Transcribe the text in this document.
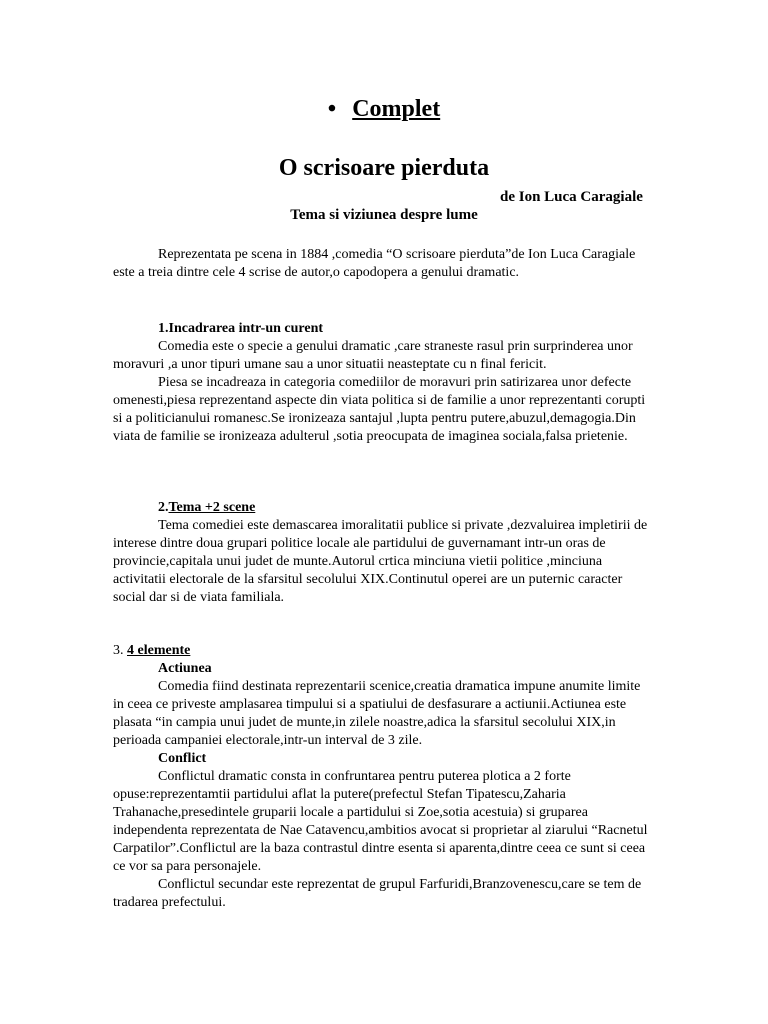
• Complet
O scrisoare pierduta
de Ion Luca Caragiale
Tema si viziunea despre lume

Reprezentata pe scena in 1884 ,comedia “O scrisoare pierduta”de Ion Luca Caragiale este a treia dintre cele 4 scrise de autor,o capodopera a genului dramatic.

1.Incadrarea intr-un curent

Comedia este o specie a genului dramatic ,care straneste rasul prin surprinderea unor moravuri ,a unor tipuri umane sau a unor situatii neasteptate cu n final fericit.

Piesa se incadreaza in categoria comediilor de moravuri prin satirizarea unor defecte omenesti,piesa reprezentand aspecte din viata politica si de familie a unor reprezentanti corupti si a politicianului romanesc.Se ironizeaza santajul ,lupta pentru putere,abuzul,demagogia.Din viata de familie se ironizeaza adulterul ,sotia preocupata de imaginea sociala,falsa prietenie.

2.Tema +2 scene

Tema comediei este demascarea imoralitatii publice si private ,dezvaluirea impletirii de interese dintre doua grupari politice locale ale partidului de guvernamant intr-un oras de provincie,capitala unui judet de munte.Autorul crtica minciuna vietii politice ,minciuna activitatii electorale de la sfarsitul secolului XIX.Continutul operei are un puternic caracter social dar si de viata familiala.

3. 4 elemente

Actiunea

Comedia fiind destinata reprezentarii scenice,creatia dramatica impune anumite limite in ceea ce priveste amplasarea timpului si a spatiului de desfasurare a actiunii.Actiunea este plasata “in campia unui judet de munte,in zilele noastre,adica la sfarsitul secolului XIX,in perioada campaniei electorale,intr-un interval de 3 zile.

Conflict

Conflictul dramatic consta in confruntarea pentru puterea plotica a 2 forte opuse:reprezentamtii partidului aflat la putere(prefectul Stefan Tipatescu,Zaharia Trahanache,presedintele gruparii locale a partidului si Zoe,sotia acestuia) si gruparea independenta reprezentata de Nae Catavencu,ambitios avocat si proprietar al ziarului “Racnetul Carpatilor”.Conflictul are la baza contrastul dintre esenta si aparenta,dintre ceea ce sunt si ceea ce vor sa para personajele.

Conflictul secundar este reprezentat de grupul Farfuridi,Branzovenescu,care se tem de tradarea prefectului.
